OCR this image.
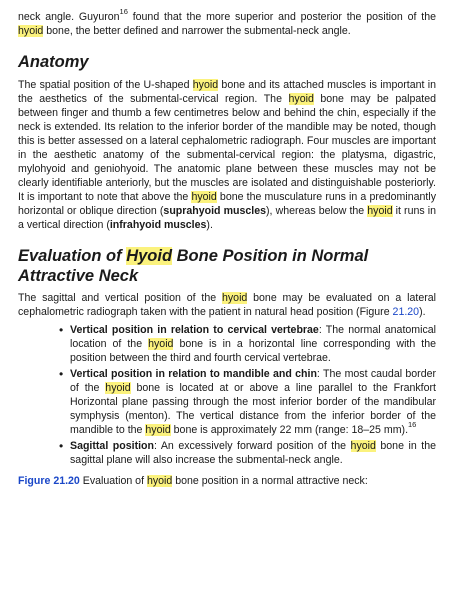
neck angle. Guyuron$^{16}$ found that the more superior and posterior the position of the hyoid bone, the better defined and narrower the submental-neck angle.

Anatomy

The spatial position of the U-shaped hyoid bone and its attached muscles is important in the aesthetics of the submental-cervical region. The hyoid bone may be palpated between finger and thumb a few centimetres below and behind the chin, especially if the neck is extended. Its relation to the inferior border of the mandible may be noted, though this is better assessed on a lateral cephalometric radiograph. Four muscles are important in the aesthetic anatomy of the submental-cervical region: the platysma, digastric, mylohyoid and geniohyoid. The anatomic plane between these muscles may not be clearly identifiable anteriorly, but the muscles are isolated and distinguishable posteriorly. It is important to note that above the hyoid bone the musculature runs in a predominantly horizontal or oblique direction (suprahyoid muscles), whereas below the hyoid it runs in a vertical direction (infrahyoid muscles).

Evaluation of Hyoid Bone Position in Normal Attractive Neck

The sagittal and vertical position of the hyoid bone may be evaluated on a lateral cephalometric radiograph taken with the patient in natural head position (Figure 21.20).

• Vertical position in relation to cervical vertebrae: The normal anatomical location of the hyoid bone is in a horizontal line corresponding with the position between the third and fourth cervical vertebrae.
• Vertical position in relation to mandible and chin: The most caudal border of the hyoid bone is located at or above a line parallel to the Frankfort Horizontal plane passing through the most inferior border of the mandibular symphysis (menton). The vertical distance from the inferior border of the mandible to the hyoid bone is approximately 22 mm (range: 18–25 mm).$^{16}$
• Sagittal position: An excessively forward position of the hyoid bone in the sagittal plane will also increase the submental-neck angle.

Figure 21.20 Evaluation of hyoid bone position in a normal attractive neck:
